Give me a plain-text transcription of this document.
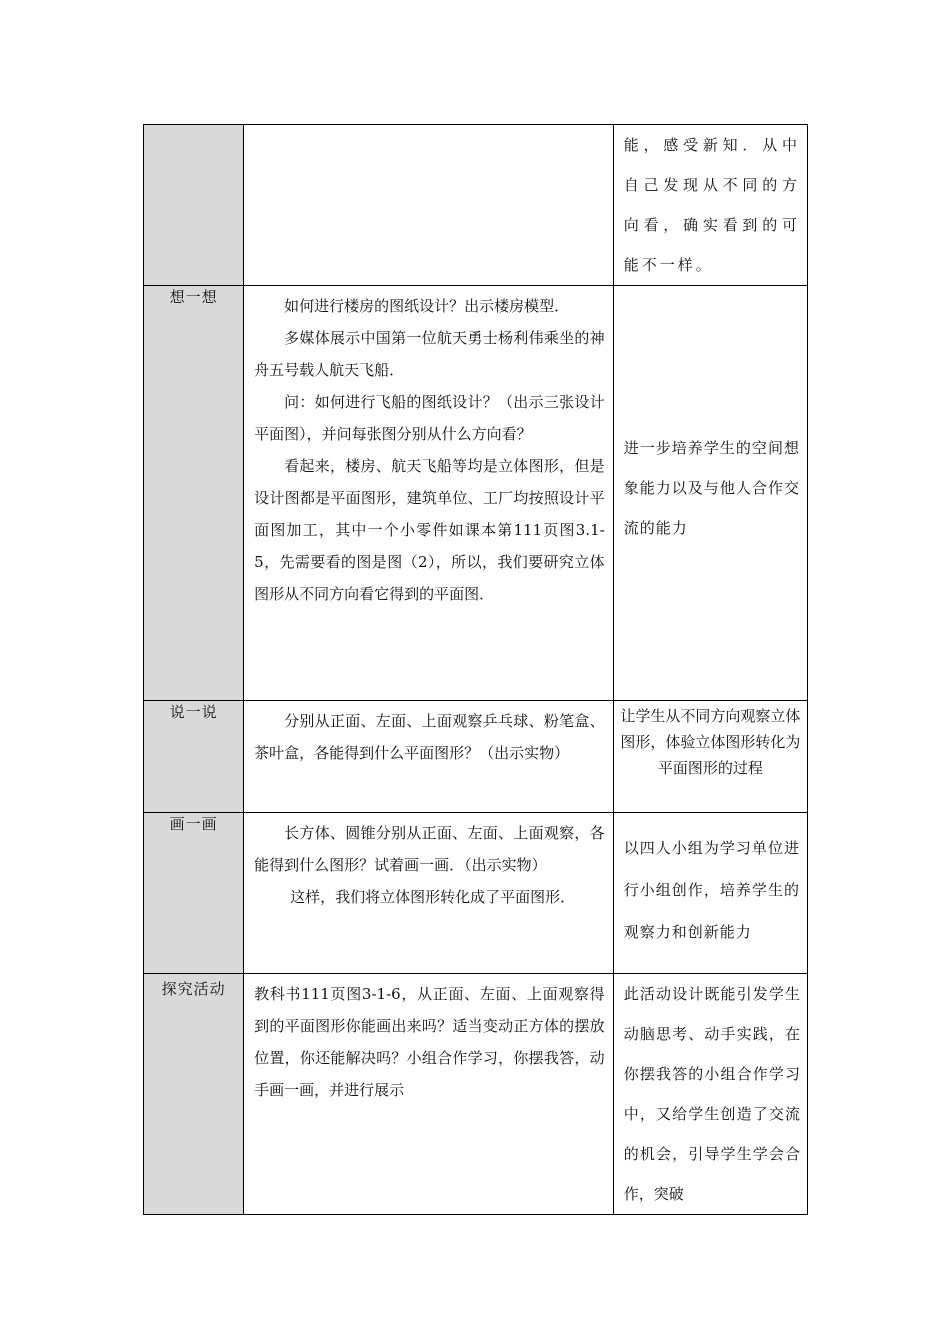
		能，感受新知．从中自己发现从不同的方向看，确实看到的可能不一样。

想一想	如何进行楼房的图纸设计？出示楼房模型．

多媒体展示中国第一位航天勇士杨利伟乘坐的神舟五号载人航天飞船．

问：如何进行飞船的图纸设计？（出示三张设计平面图），并问每张图分别从什么方向看？

看起来，楼房、航天飞船等均是立体图形，但是设计图都是平面图形，建筑单位、工厂均按照设计平面图加工，其中一个小零件如课本第111页图3.1-5，先需要看的图是图（2），所以，我们要研究立体图形从不同方向看它得到的平面图．	进一步培养学生的空间想象能力以及与他人合作交流的能力

说一说	分别从正面、左面、上面观察乒乓球、粉笔盒、茶叶盒，各能得到什么平面图形？（出示实物）	让学生从不同方向观察立体图形，体验立体图形转化为平面图形的过程

画一画	长方体、圆锥分别从正面、左面、上面观察，各能得到什么图形？试着画一画．（出示实物）

这样，我们将立体图形转化成了平面图形．	以四人小组为学习单位进行小组创作，培养学生的观察力和创新能力

探究活动	教科书111页图3-1-6，从正面、左面、上面观察得到的平面图形你能画出来吗？适当变动正方体的摆放位置，你还能解决吗？小组合作学习，你摆我答，动手画一画，并进行展示	此活动设计既能引发学生动脑思考、动手实践，在你摆我答的小组合作学习中，又给学生创造了交流的机会，引导学生学会合作，突破
